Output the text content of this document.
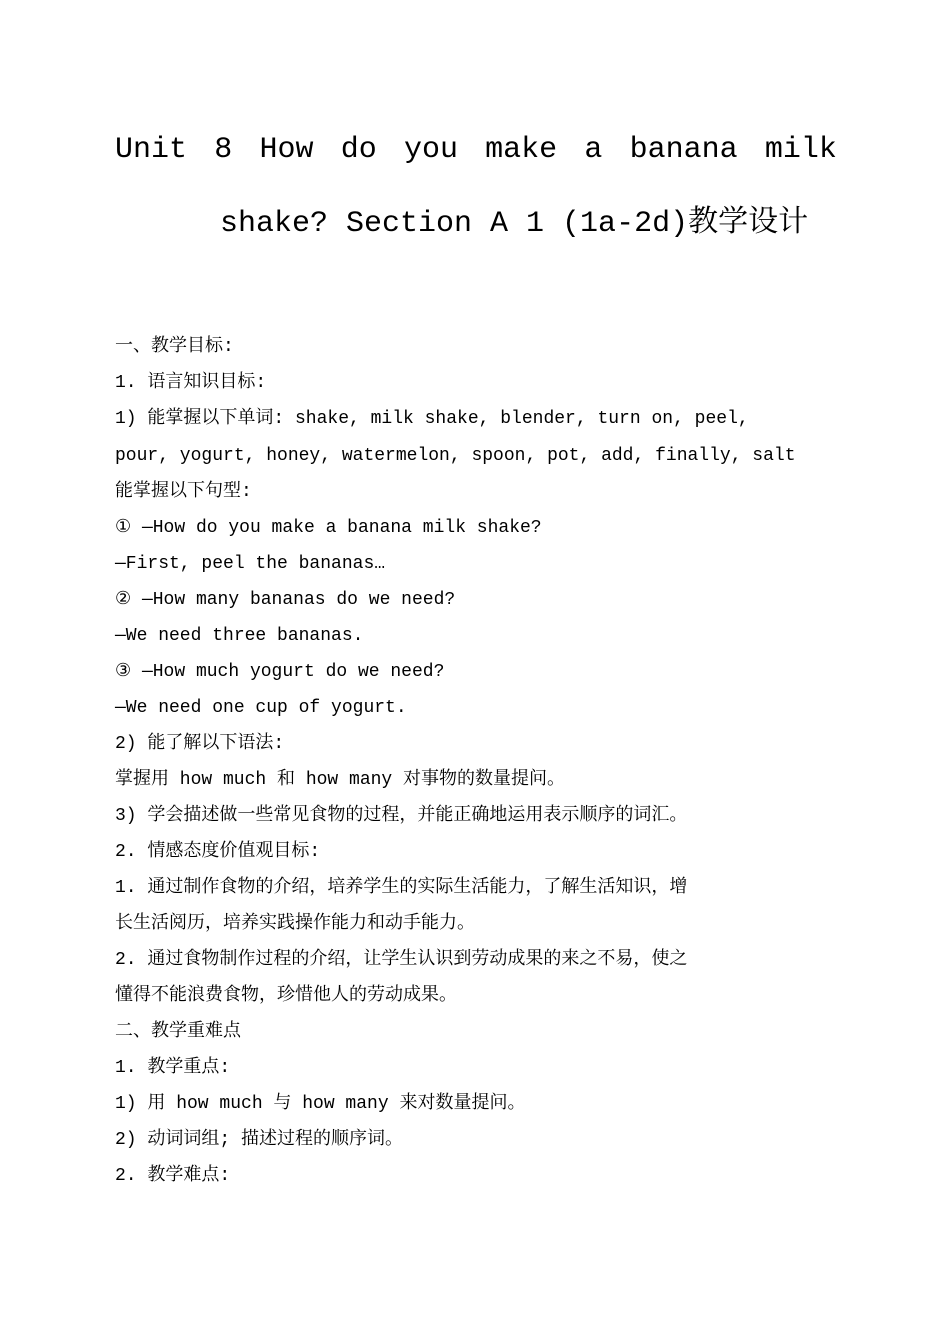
Unit 8 How do you make a banana milk
shake? Section A 1 (1a-2d)教学设计
一、教学目标:
1. 语言知识目标:
1) 能掌握以下单词: shake, milk shake, blender, turn on, peel,
pour, yogurt, honey, watermelon, spoon, pot, add, finally, salt
能掌握以下句型:
① —How do you make a banana milk shake?
—First, peel the bananas…
② —How many bananas do we need?
—We need three bananas.
③ —How much yogurt do we need?
—We need one cup of yogurt.
2) 能了解以下语法:
掌握用 how much 和 how many 对事物的数量提问。
3) 学会描述做一些常见食物的过程，并能正确地运用表示顺序的词汇。
2. 情感态度价值观目标:
1. 通过制作食物的介绍，培养学生的实际生活能力，了解生活知识，增
长生活阅历，培养实践操作能力和动手能力。
2. 通过食物制作过程的介绍，让学生认识到劳动成果的来之不易，使之
懂得不能浪费食物，珍惜他人的劳动成果。
二、教学重难点
1. 教学重点:
1) 用 how much 与 how many 来对数量提问。
2) 动词词组; 描述过程的顺序词。
2. 教学难点:
